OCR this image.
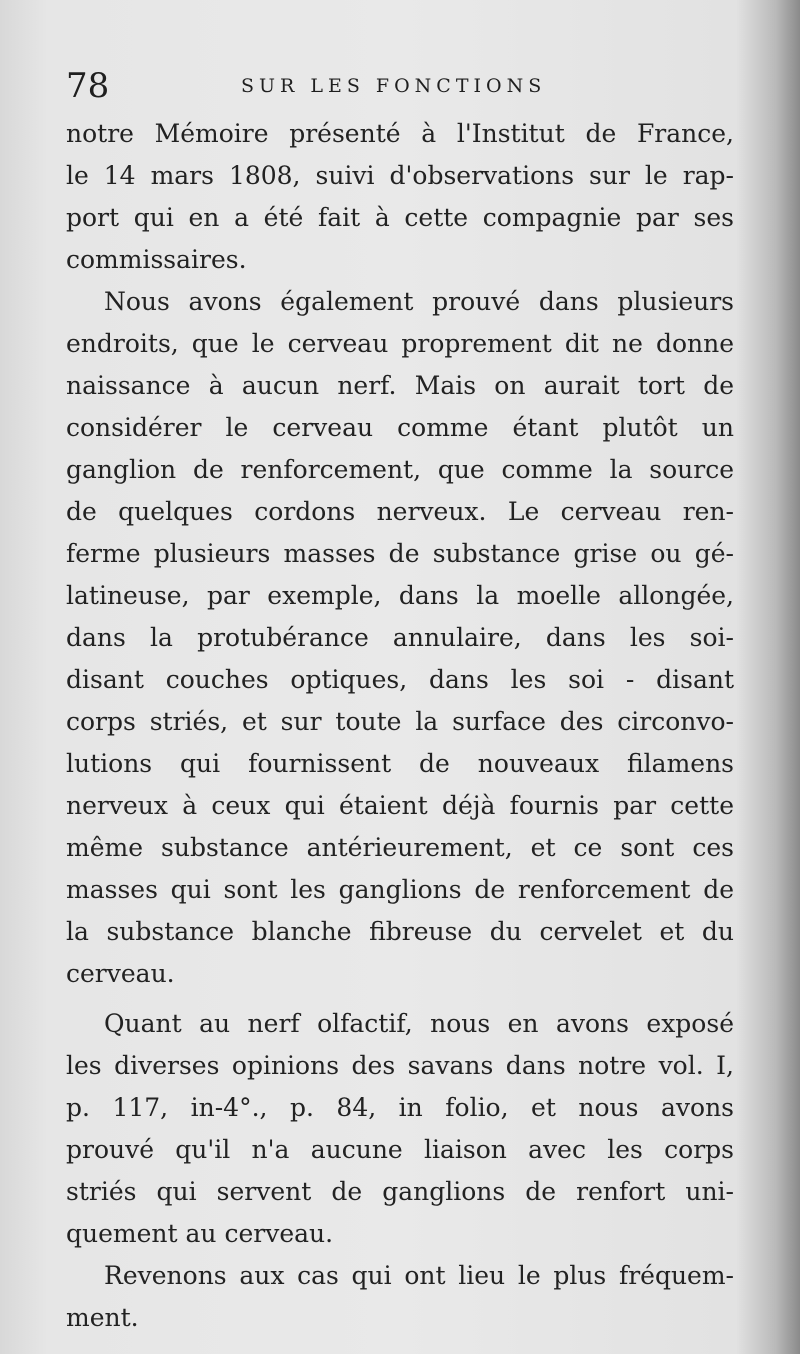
78	SUR LES FONCTIONS
notre Mémoire présenté à l'Institut de France,
le 14 mars 1808, suivi d'observations sur le rap-
port qui en a été fait à cette compagnie par ses
commissaires.
Nous avons également prouvé dans plusieurs
endroits, que le cerveau proprement dit ne donne
naissance à aucun nerf. Mais on aurait tort de
considérer le cerveau comme étant plutôt un
ganglion de renforcement, que comme la source
de quelques cordons nerveux. Le cerveau ren-
ferme plusieurs masses de substance grise ou gé-
latineuse, par exemple, dans la moelle allongée,
dans la protubérance annulaire, dans les soi-
disant couches optiques, dans les soi - disant
corps striés, et sur toute la surface des circonvo-
lutions qui fournissent de nouveaux filamens
nerveux à ceux qui étaient déjà fournis par cette
même substance antérieurement, et ce sont ces
masses qui sont les ganglions de renforcement de
la substance blanche fibreuse du cervelet et du
cerveau.
Quant au nerf olfactif, nous en avons exposé
les diverses opinions des savans dans notre vol. I,
p. 117, in-4°., p. 84, in folio, et nous avons
prouvé qu'il n'a aucune liaison avec les corps
striés qui servent de ganglions de renfort uni-
quement au cerveau.
Revenons aux cas qui ont lieu le plus fréquem-
ment.
